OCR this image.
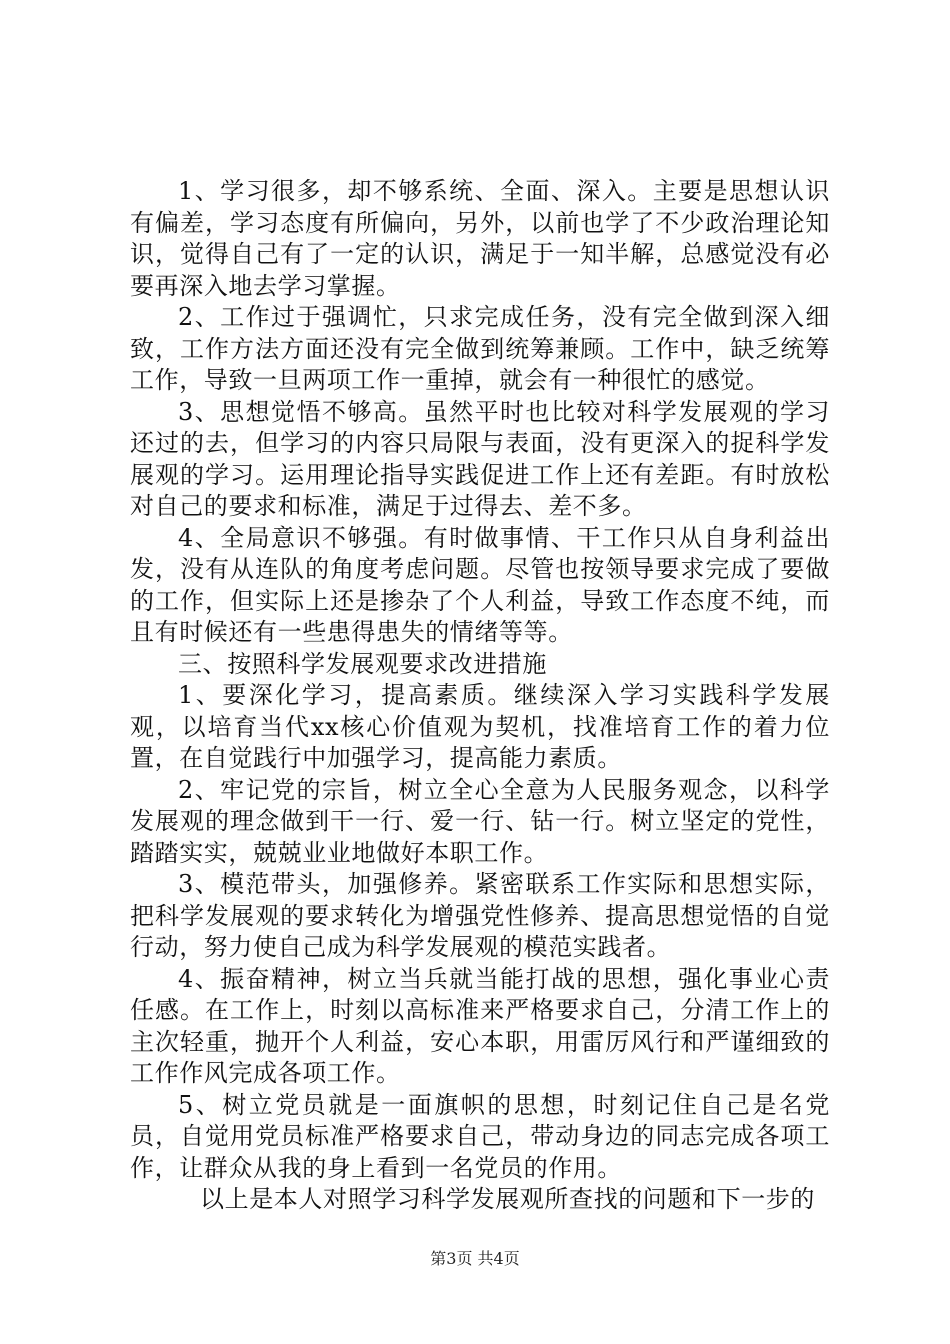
1、学习很多，却不够系统、全面、深入。主要是思想认识有偏差，学习态度有所偏向，另外，以前也学了不少政治理论知识，觉得自己有了一定的认识，满足于一知半解，总感觉没有必要再深入地去学习掌握。

2、工作过于强调忙，只求完成任务，没有完全做到深入细致，工作方法方面还没有完全做到统筹兼顾。工作中，缺乏统筹工作，导致一旦两项工作一重掉，就会有一种很忙的感觉。

3、思想觉悟不够高。虽然平时也比较对科学发展观的学习还过的去，但学习的内容只局限与表面，没有更深入的捉科学发展观的学习。运用理论指导实践促进工作上还有差距。有时放松对自己的要求和标准，满足于过得去、差不多。

4、全局意识不够强。有时做事情、干工作只从自身利益出发，没有从连队的角度考虑问题。尽管也按领导要求完成了要做的工作，但实际上还是掺杂了个人利益，导致工作态度不纯，而且有时候还有一些患得患失的情绪等等。

三、按照科学发展观要求改进措施

1、要深化学习，提高素质。继续深入学习实践科学发展观，以培育当代xx核心价值观为契机，找准培育工作的着力位置，在自觉践行中加强学习，提高能力素质。

2、牢记党的宗旨，树立全心全意为人民服务观念，以科学发展观的理念做到干一行、爱一行、钻一行。树立坚定的党性，踏踏实实，兢兢业业地做好本职工作。

3、模范带头，加强修养。紧密联系工作实际和思想实际，把科学发展观的要求转化为增强党性修养、提高思想觉悟的自觉行动，努力使自己成为科学发展观的模范实践者。

4、振奋精神，树立当兵就当能打战的思想，强化事业心责任感。在工作上，时刻以高标准来严格要求自己，分清工作上的主次轻重，抛开个人利益，安心本职，用雷厉风行和严谨细致的工作作风完成各项工作。

5、树立党员就是一面旗帜的思想，时刻记住自己是名党员，自觉用党员标准严格要求自己，带动身边的同志完成各项工作，让群众从我的身上看到一名党员的作用。

以上是本人对照学习科学发展观所查找的问题和下一步的

第3页 共4页
